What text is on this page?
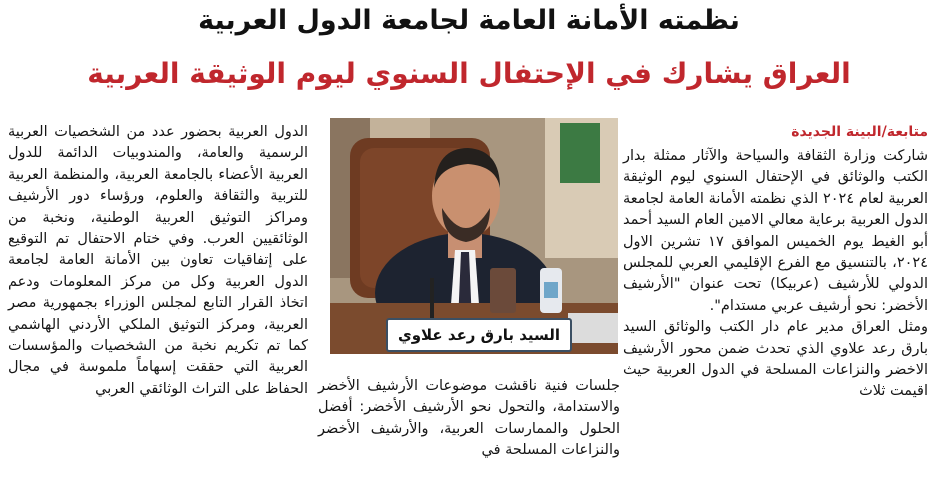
نظمته الأمانة العامة لجامعة الدول العربية
العراق يشارك في الإحتفال السنوي ليوم الوثيقة العربية
متابعة/البينة الجديدة

شاركت وزارة الثقافة والسياحة والآثار ممثلة بدار الكتب والوثائق في الإحتفال السنوي ليوم الوثيقة العربية لعام ٢٠٢٤ الذي نظمته الأمانة العامة لجامعة الدول العربية برعاية معالي الامين العام السيد أحمد أبو الغيط يوم الخميس الموافق ١٧ تشرين الاول ٢٠٢٤، بالتنسيق مع الفرع الإقليمي العربي للمجلس الدولي للأرشيف (عربيكا) تحت عنوان "الأرشيف الأخضر: نحو أرشيف عربي مستدام".

ومثل العراق مدير عام دار الكتب والوثائق السيد بارق رعد علاوي الذي تحدث ضمن محور الأرشيف الاخضر والنزاعات المسلحة في الدول العربية حيث اقيمت ثلاث

السيد بارق رعد علاوي

جلسات فنية ناقشت موضوعات الأرشيف الأخضر والاستدامة، والتحول نحو الأرشيف الأخضر: أفضل الحلول والممارسات العربية، والأرشيف الأخضر والنزاعات المسلحة في

الدول العربية بحضور عدد من الشخصيات العربية الرسمية والعامة، والمندوبيات الدائمة للدول العربية الأعضاء بالجامعة العربية، والمنظمة العربية للتربية والثقافة والعلوم، ورؤساء دور الأرشيف ومراكز التوثيق العربية الوطنية، ونخبة من الوثائقيين العرب. وفي ختام الاحتفال تم التوقيع على إتفاقيات تعاون بين الأمانة العامة لجامعة الدول العربية وكل من مركز المعلومات ودعم اتخاذ القرار التابع لمجلس الوزراء بجمهورية مصر العربية، ومركز التوثيق الملكي الأردني الهاشمي كما تم تكريم نخبة من الشخصيات والمؤسسات العربية التي حققت إسهاماً ملموسة في مجال الحفاظ على التراث الوثائقي العربي
